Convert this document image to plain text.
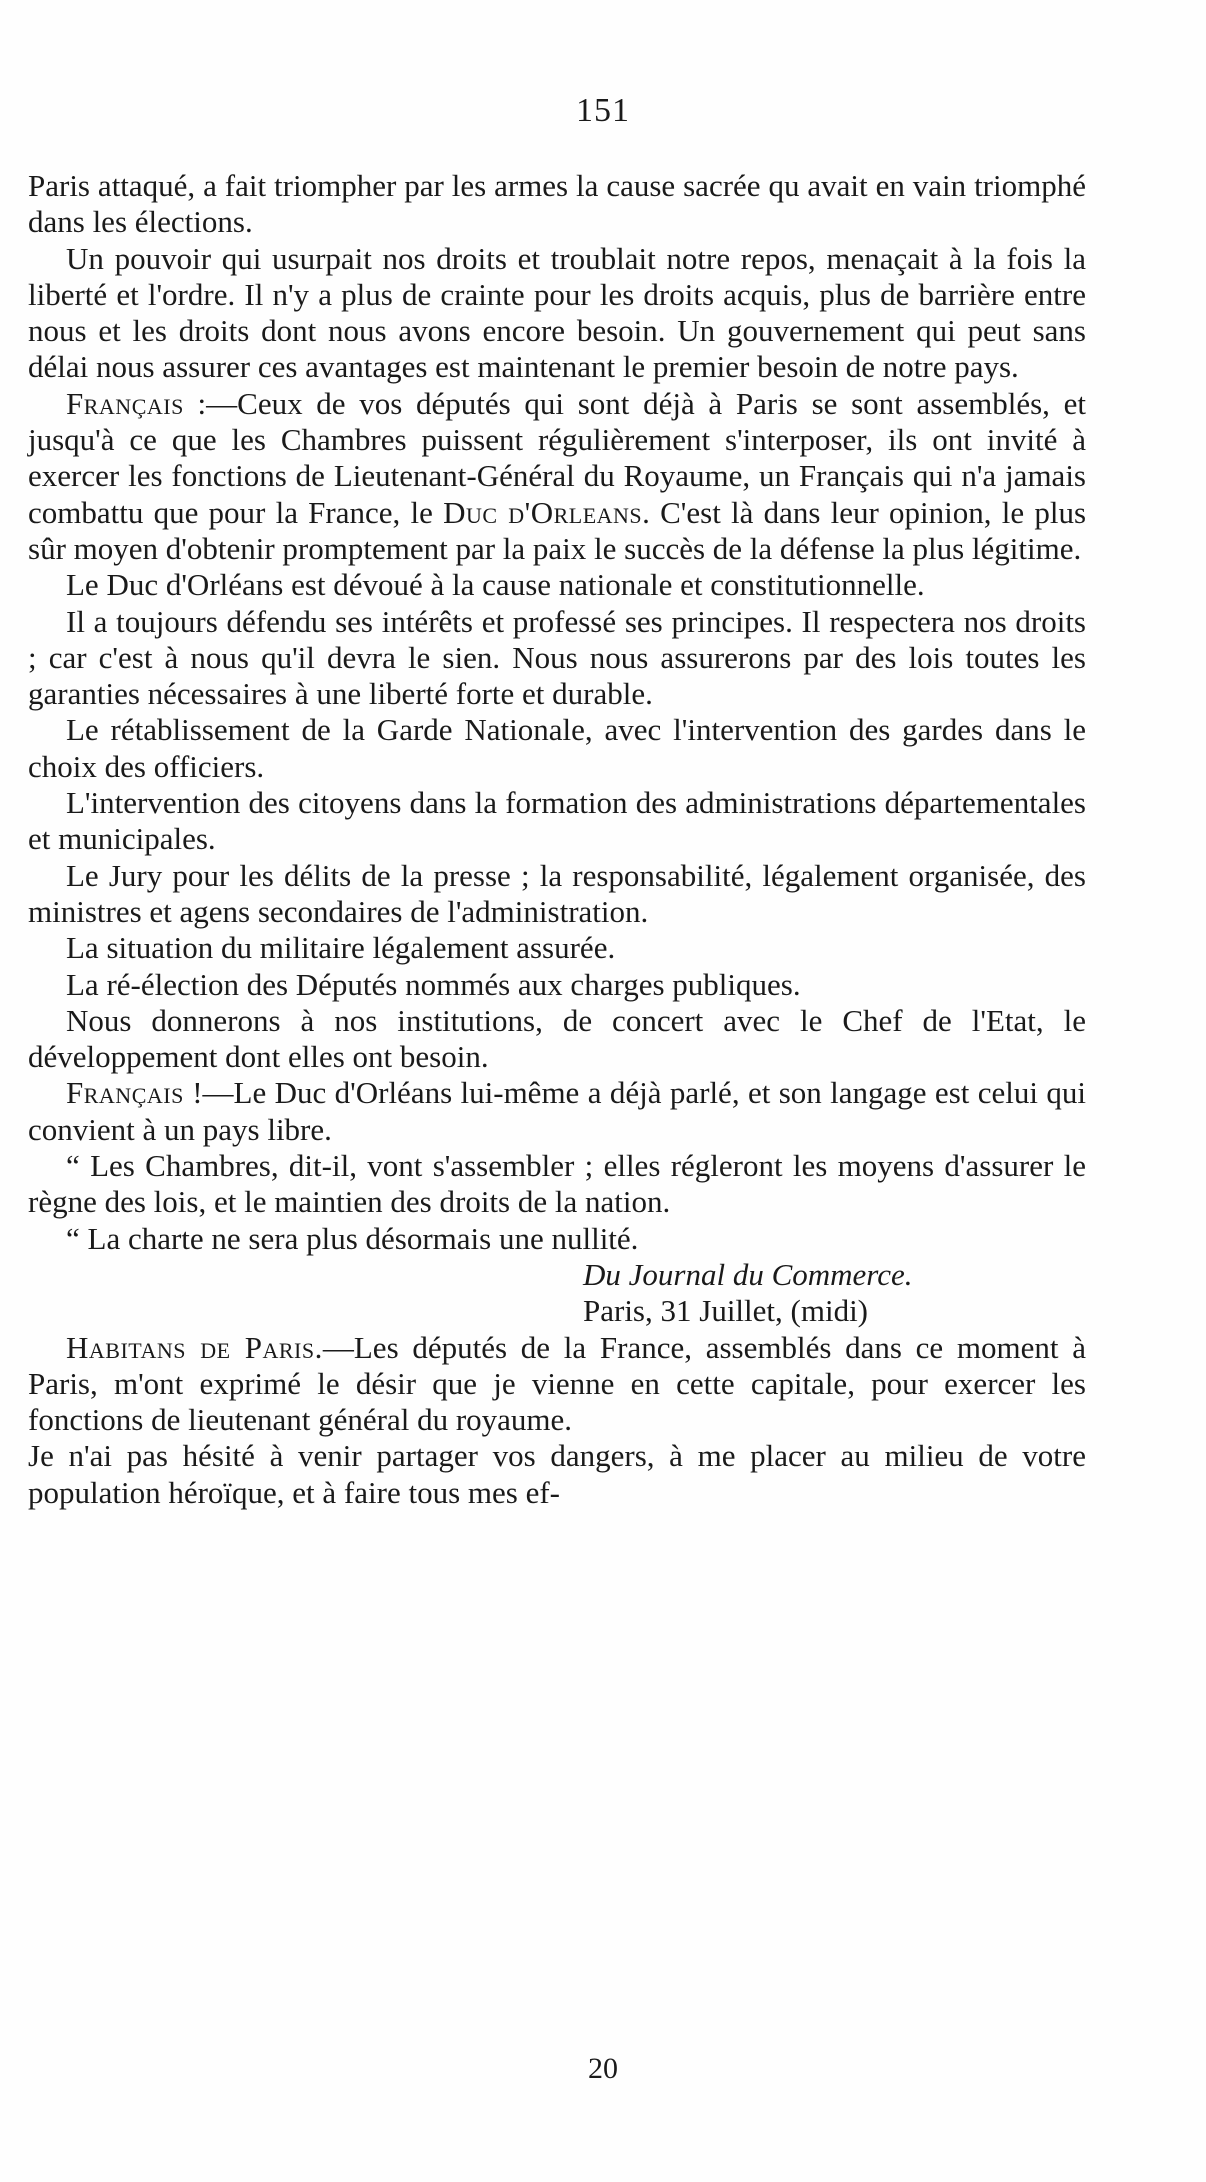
151

Paris attaqué, a fait triompher par les armes la cause sacrée qu avait en vain triomphé dans les élections.

Un pouvoir qui usurpait nos droits et troublait notre repos, menaçait à la fois la liberté et l'ordre. Il n'y a plus de crainte pour les droits acquis, plus de barrière entre nous et les droits dont nous avons encore besoin. Un gouvernement qui peut sans délai nous assurer ces avantages est maintenant le premier besoin de notre pays.

Français :—Ceux de vos députés qui sont déjà à Paris se sont assemblés, et jusqu'à ce que les Chambres puissent régulièrement s'interposer, ils ont invité à exercer les fonctions de Lieutenant-Général du Royaume, un Français qui n'a jamais combattu que pour la France, le Duc d'Orleans. C'est là dans leur opinion, le plus sûr moyen d'obtenir promptement par la paix le succès de la défense la plus légitime.

Le Duc d'Orléans est dévoué à la cause nationale et constitutionnelle.

Il a toujours défendu ses intérêts et professé ses principes. Il respectera nos droits ; car c'est à nous qu'il devra le sien. Nous nous assurerons par des lois toutes les garanties nécessaires à une liberté forte et durable.

Le rétablissement de la Garde Nationale, avec l'intervention des gardes dans le choix des officiers.

L'intervention des citoyens dans la formation des administrations départementales et municipales.

Le Jury pour les délits de la presse ; la responsabilité, légalement organisée, des ministres et agens secondaires de l'administration.

La situation du militaire légalement assurée.

La ré-élection des Députés nommés aux charges publiques.

Nous donnerons à nos institutions, de concert avec le Chef de l'Etat, le développement dont elles ont besoin.

Français !—Le Duc d'Orléans lui-même a déjà parlé, et son langage est celui qui convient à un pays libre.

“ Les Chambres, dit-il, vont s'assembler ; elles régleront les moyens d'assurer le règne des lois, et le maintien des droits de la nation.

“ La charte ne sera plus désormais une nullité.

Du Journal du Commerce.

Paris, 31 Juillet, (midi)

Habitans de Paris.—Les députés de la France, assemblés dans ce moment à Paris, m'ont exprimé le désir que je vienne en cette capitale, pour exercer les fonctions de lieutenant général du royaume.

Je n'ai pas hésité à venir partager vos dangers, à me placer au milieu de votre population héroïque, et à faire tous mes ef-

20
